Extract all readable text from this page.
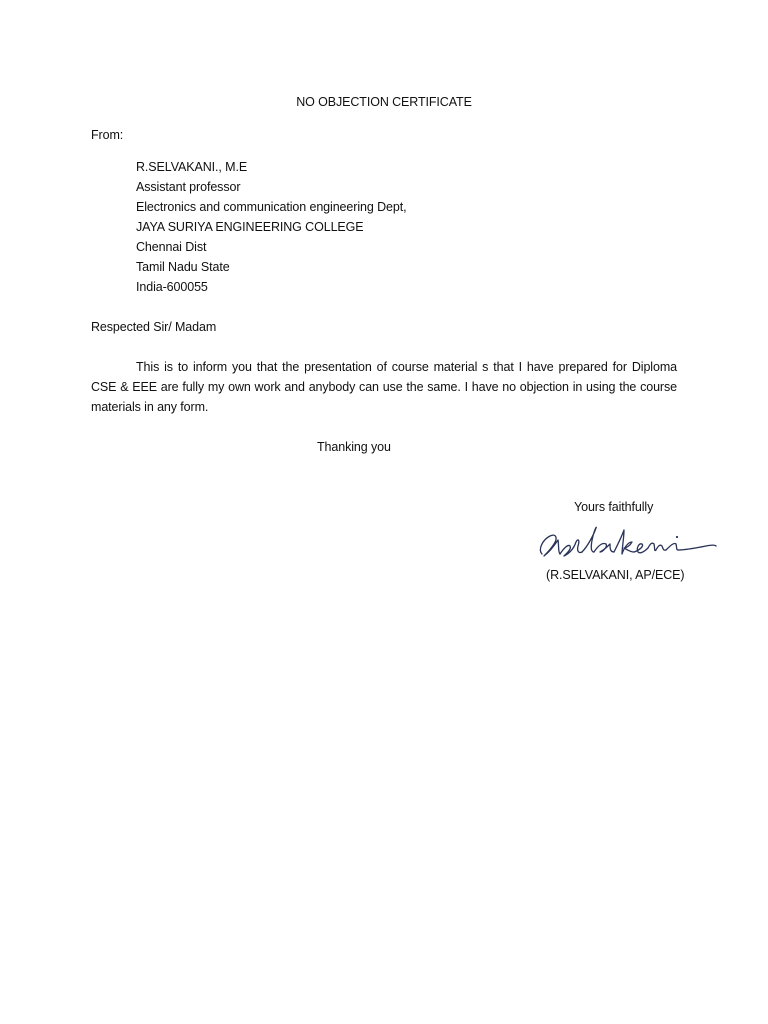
NO OBJECTION CERTIFICATE
From:
R.SELVAKANI., M.E
Assistant professor
Electronics and communication engineering Dept,
JAYA SURIYA ENGINEERING COLLEGE
Chennai Dist
Tamil Nadu State
India-600055
Respected Sir/ Madam
This is to inform you that the presentation of course material s that I have prepared for Diploma CSE & EEE are fully my own work and anybody can use the same. I have no objection in using the course materials in any form.
Thanking you
Yours faithfully
(R.SELVAKANI, AP/ECE)
